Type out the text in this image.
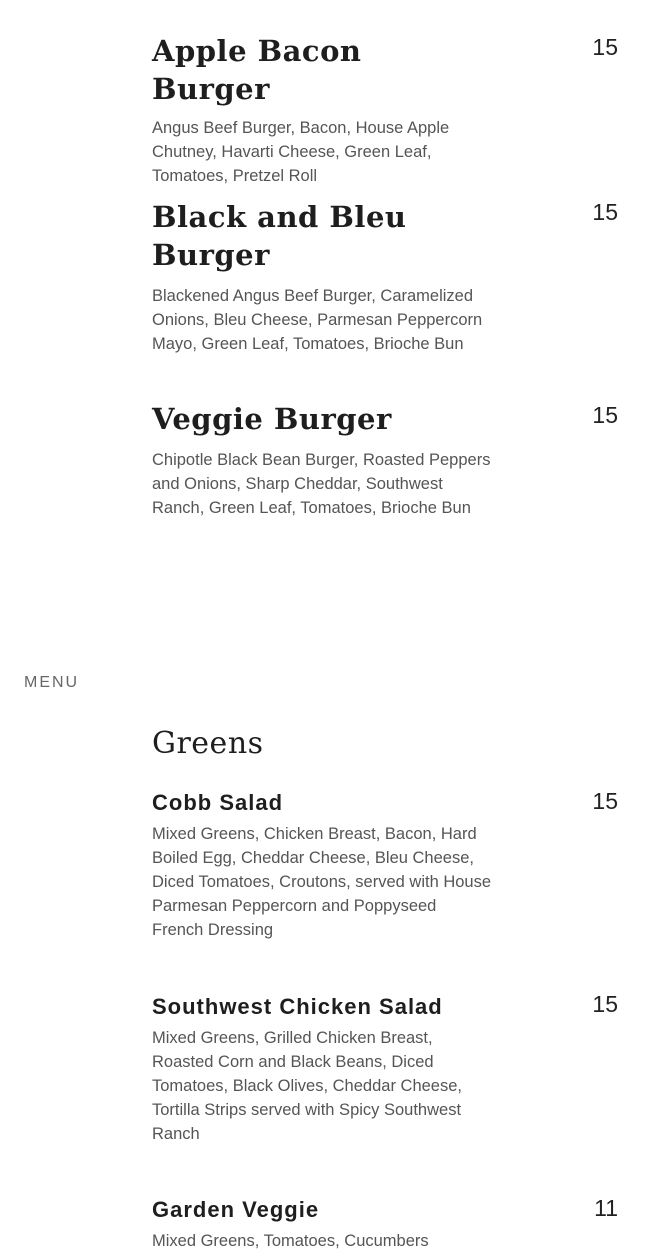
Apple Bacon Burger

Angus Beef Burger, Bacon, House Apple Chutney, Havarti Cheese, Green Leaf, Tomatoes, Pretzel Roll

15
Black and Bleu Burger

Blackened Angus Beef Burger, Caramelized Onions, Bleu Cheese, Parmesan Peppercorn Mayo, Green Leaf, Tomatoes, Brioche Bun

15
Veggie Burger

Chipotle Black Bean Burger, Roasted Peppers and Onions, Sharp Cheddar, Southwest Ranch, Green Leaf, Tomatoes, Brioche Bun

15
MENU
Greens
Cobb Salad

Mixed Greens, Chicken Breast, Bacon, Hard Boiled Egg, Cheddar Cheese, Bleu Cheese, Diced Tomatoes, Croutons, served with House Parmesan Peppercorn and Poppyseed French Dressing

15
Southwest Chicken Salad

Mixed Greens, Grilled Chicken Breast, Roasted Corn and Black Beans, Diced Tomatoes, Black Olives, Cheddar Cheese, Tortilla Strips served with Spicy Southwest Ranch

15
Garden Veggie

Mixed Greens, Tomatoes, Cucumbers

11
